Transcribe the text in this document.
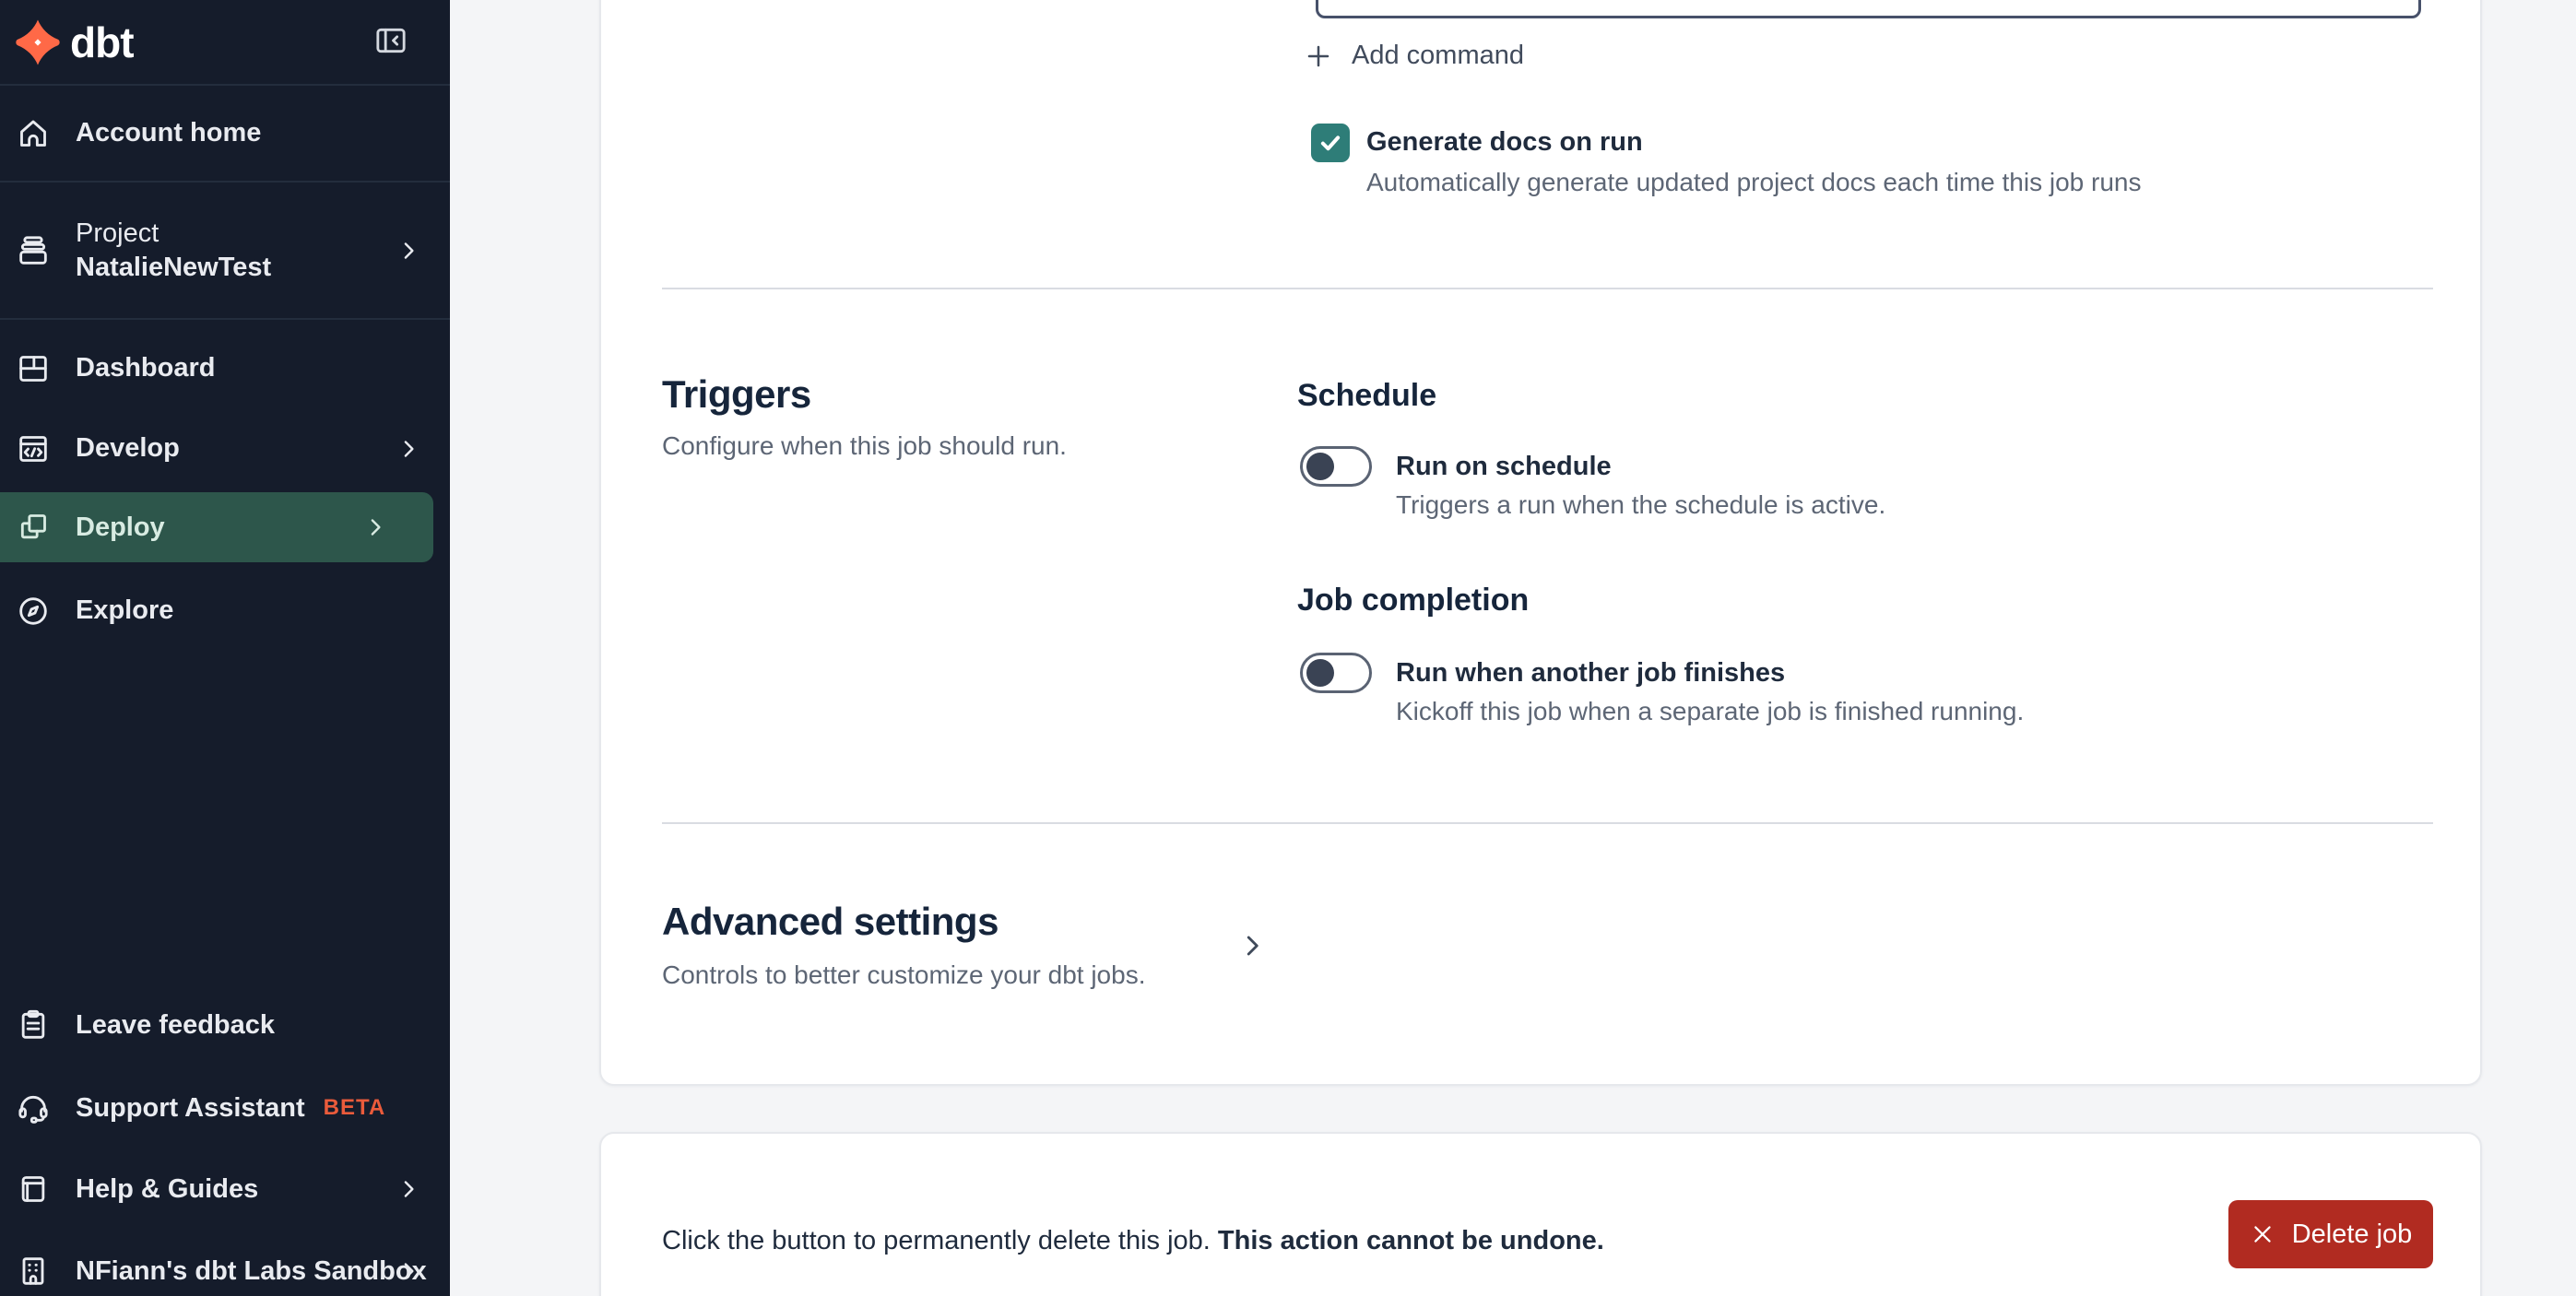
dbt
Account home
Project
NatalieNewTest
Dashboard
Develop
Deploy
Explore
Leave feedback
Support Assistant BETA
Help & Guides
NFiann's dbt Labs Sandbox
Add command
Generate docs on run
Automatically generate updated project docs each time this job runs
Triggers
Configure when this job should run.
Schedule
Run on schedule
Triggers a run when the schedule is active.
Job completion
Run when another job finishes
Kickoff this job when a separate job is finished running.
Advanced settings
Controls to better customize your dbt jobs.
Click the button to permanently delete this job. This action cannot be undone.	Delete job
